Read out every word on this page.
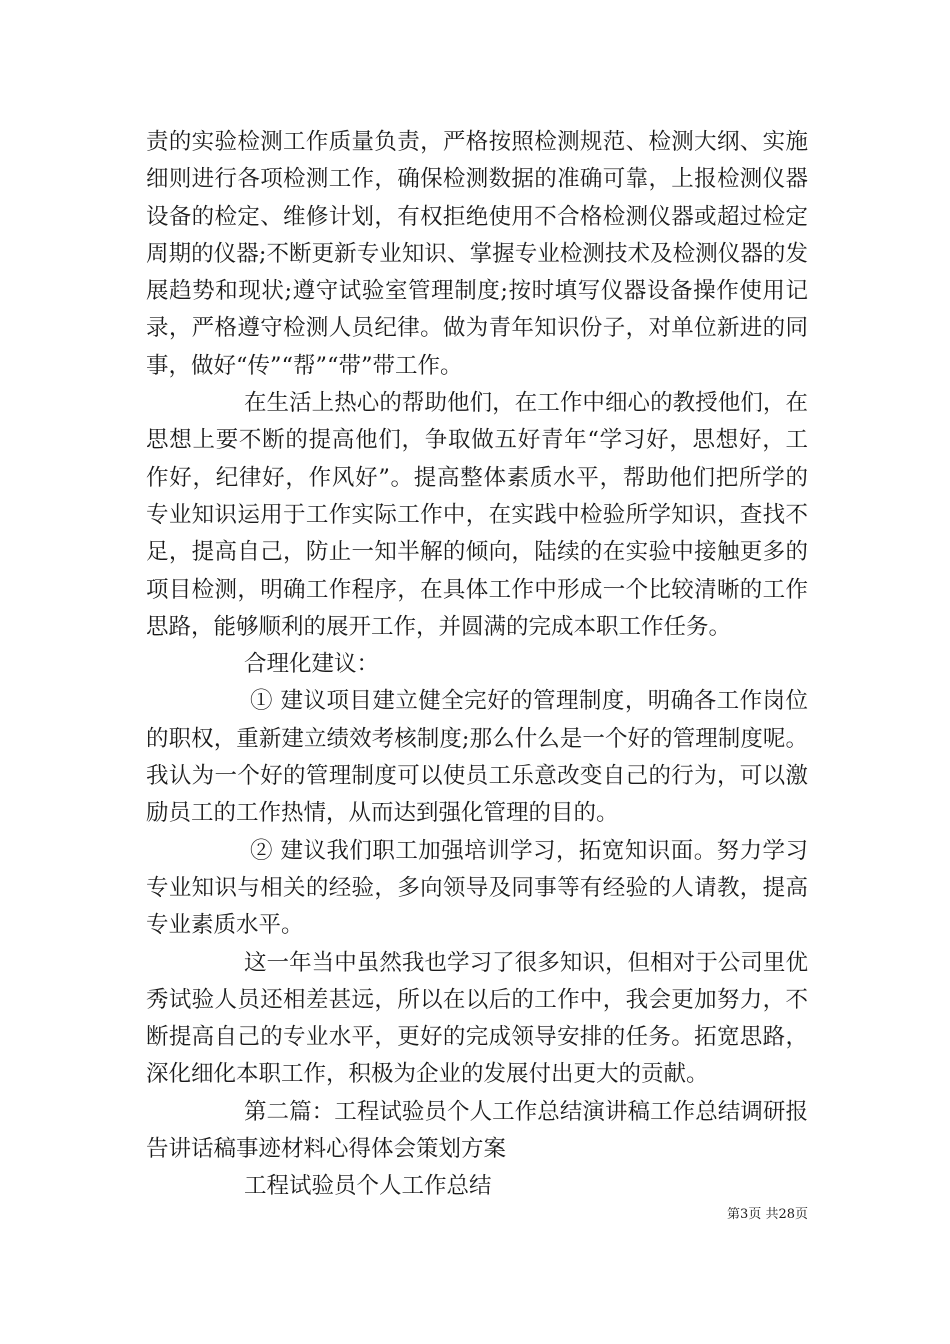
责的实验检测工作质量负责，严格按照检测规范、检测大纲、实施
细则进行各项检测工作，确保检测数据的准确可靠，上报检测仪器
设备的检定、维修计划，有权拒绝使用不合格检测仪器或超过检定
周期的仪器;不断更新专业知识、掌握专业检测技术及检测仪器的发
展趋势和现状;遵守试验室管理制度;按时填写仪器设备操作使用记
录，严格遵守检测人员纪律。做为青年知识份子，对单位新进的同
事，做好“传”“帮”“带”带工作。
在生活上热心的帮助他们，在工作中细心的教授他们，在
思想上要不断的提高他们，争取做五好青年“学习好，思想好，工
作好，纪律好，作风好”。提高整体素质水平，帮助他们把所学的
专业知识运用于工作实际工作中，在实践中检验所学知识，查找不
足，提高自己，防止一知半解的倾向，陆续的在实验中接触更多的
项目检测，明确工作程序，在具体工作中形成一个比较清晰的工作
思路，能够顺利的展开工作，并圆满的完成本职工作任务。
合理化建议：
① 建议项目建立健全完好的管理制度，明确各工作岗位
的职权，重新建立绩效考核制度;那么什么是一个好的管理制度呢。
我认为一个好的管理制度可以使员工乐意改变自己的行为，可以激
励员工的工作热情，从而达到强化管理的目的。
② 建议我们职工加强培训学习，拓宽知识面。努力学习
专业知识与相关的经验，多向领导及同事等有经验的人请教，提高
专业素质水平。
这一年当中虽然我也学习了很多知识，但相对于公司里优
秀试验人员还相差甚远，所以在以后的工作中，我会更加努力，不
断提高自己的专业水平，更好的完成领导安排的任务。拓宽思路，
深化细化本职工作，积极为企业的发展付出更大的贡献。
第二篇：工程试验员个人工作总结演讲稿工作总结调研报
告讲话稿事迹材料心得体会策划方案
工程试验员个人工作总结
第3页 共28页
